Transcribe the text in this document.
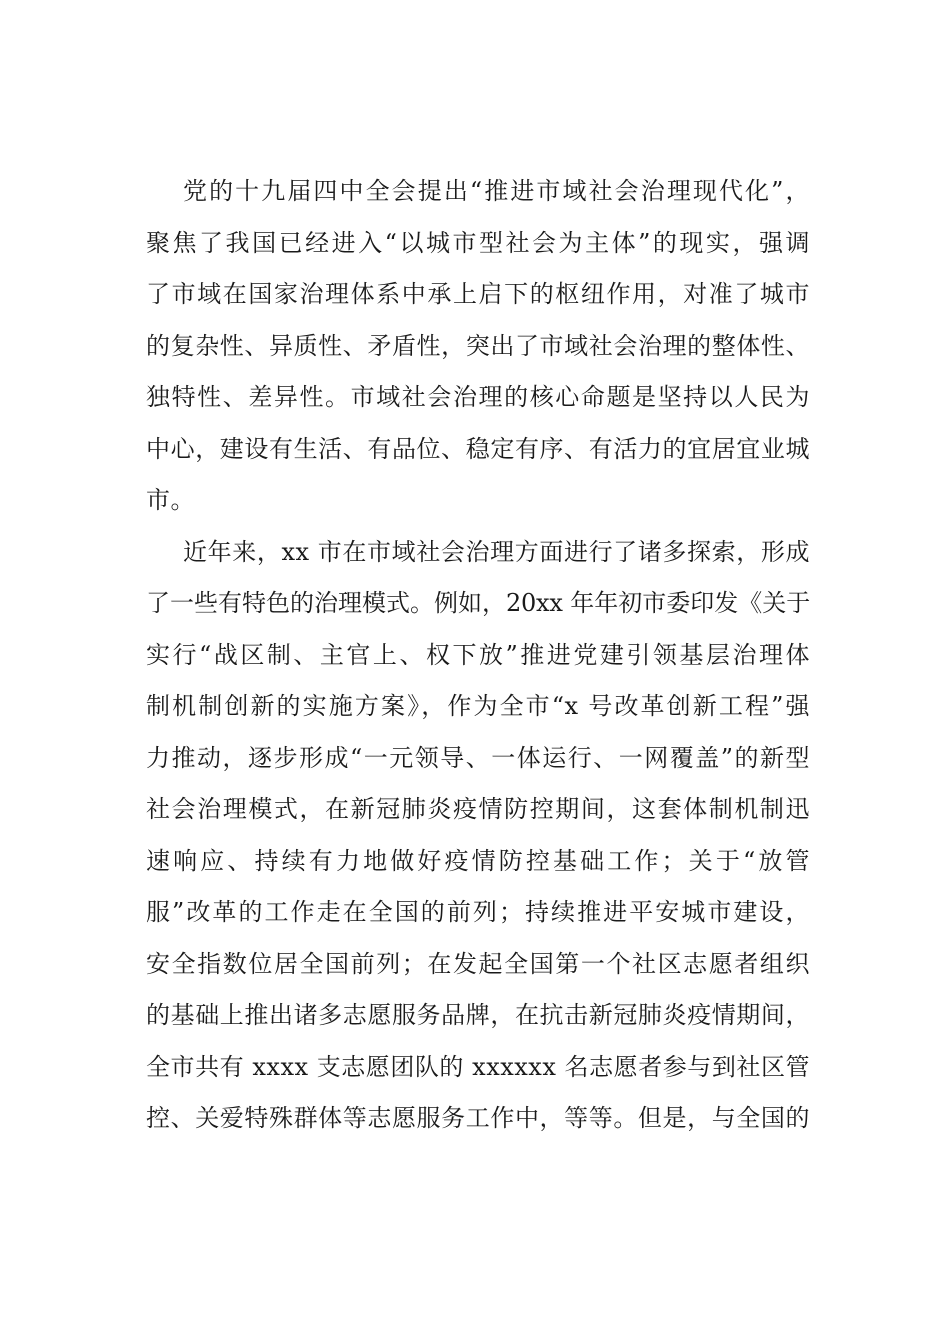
党的十九届四中全会提出“推进市域社会治理现代化”，
聚焦了我国已经进入“以城市型社会为主体”的现实，强调
了市域在国家治理体系中承上启下的枢纽作用，对准了城市
的复杂性、异质性、矛盾性，突出了市域社会治理的整体性、
独特性、差异性。市域社会治理的核心命题是坚持以人民为
中心，建设有生活、有品位、稳定有序、有活力的宜居宜业城
市。
近年来，xx 市在市域社会治理方面进行了诸多探索，形成
了一些有特色的治理模式。例如，20xx 年年初市委印发《关于
实行“战区制、主官上、权下放”推进党建引领基层治理体
制机制创新的实施方案》，作为全市“x 号改革创新工程”强
力推动，逐步形成“一元领导、一体运行、一网覆盖”的新型
社会治理模式，在新冠肺炎疫情防控期间，这套体制机制迅
速响应、持续有力地做好疫情防控基础工作；关于“放管
服”改革的工作走在全国的前列；持续推进平安城市建设，
安全指数位居全国前列；在发起全国第一个社区志愿者组织
的基础上推出诸多志愿服务品牌，在抗击新冠肺炎疫情期间，
全市共有 xxxx 支志愿团队的 xxxxxx 名志愿者参与到社区管
控、关爱特殊群体等志愿服务工作中，等等。但是，与全国的
